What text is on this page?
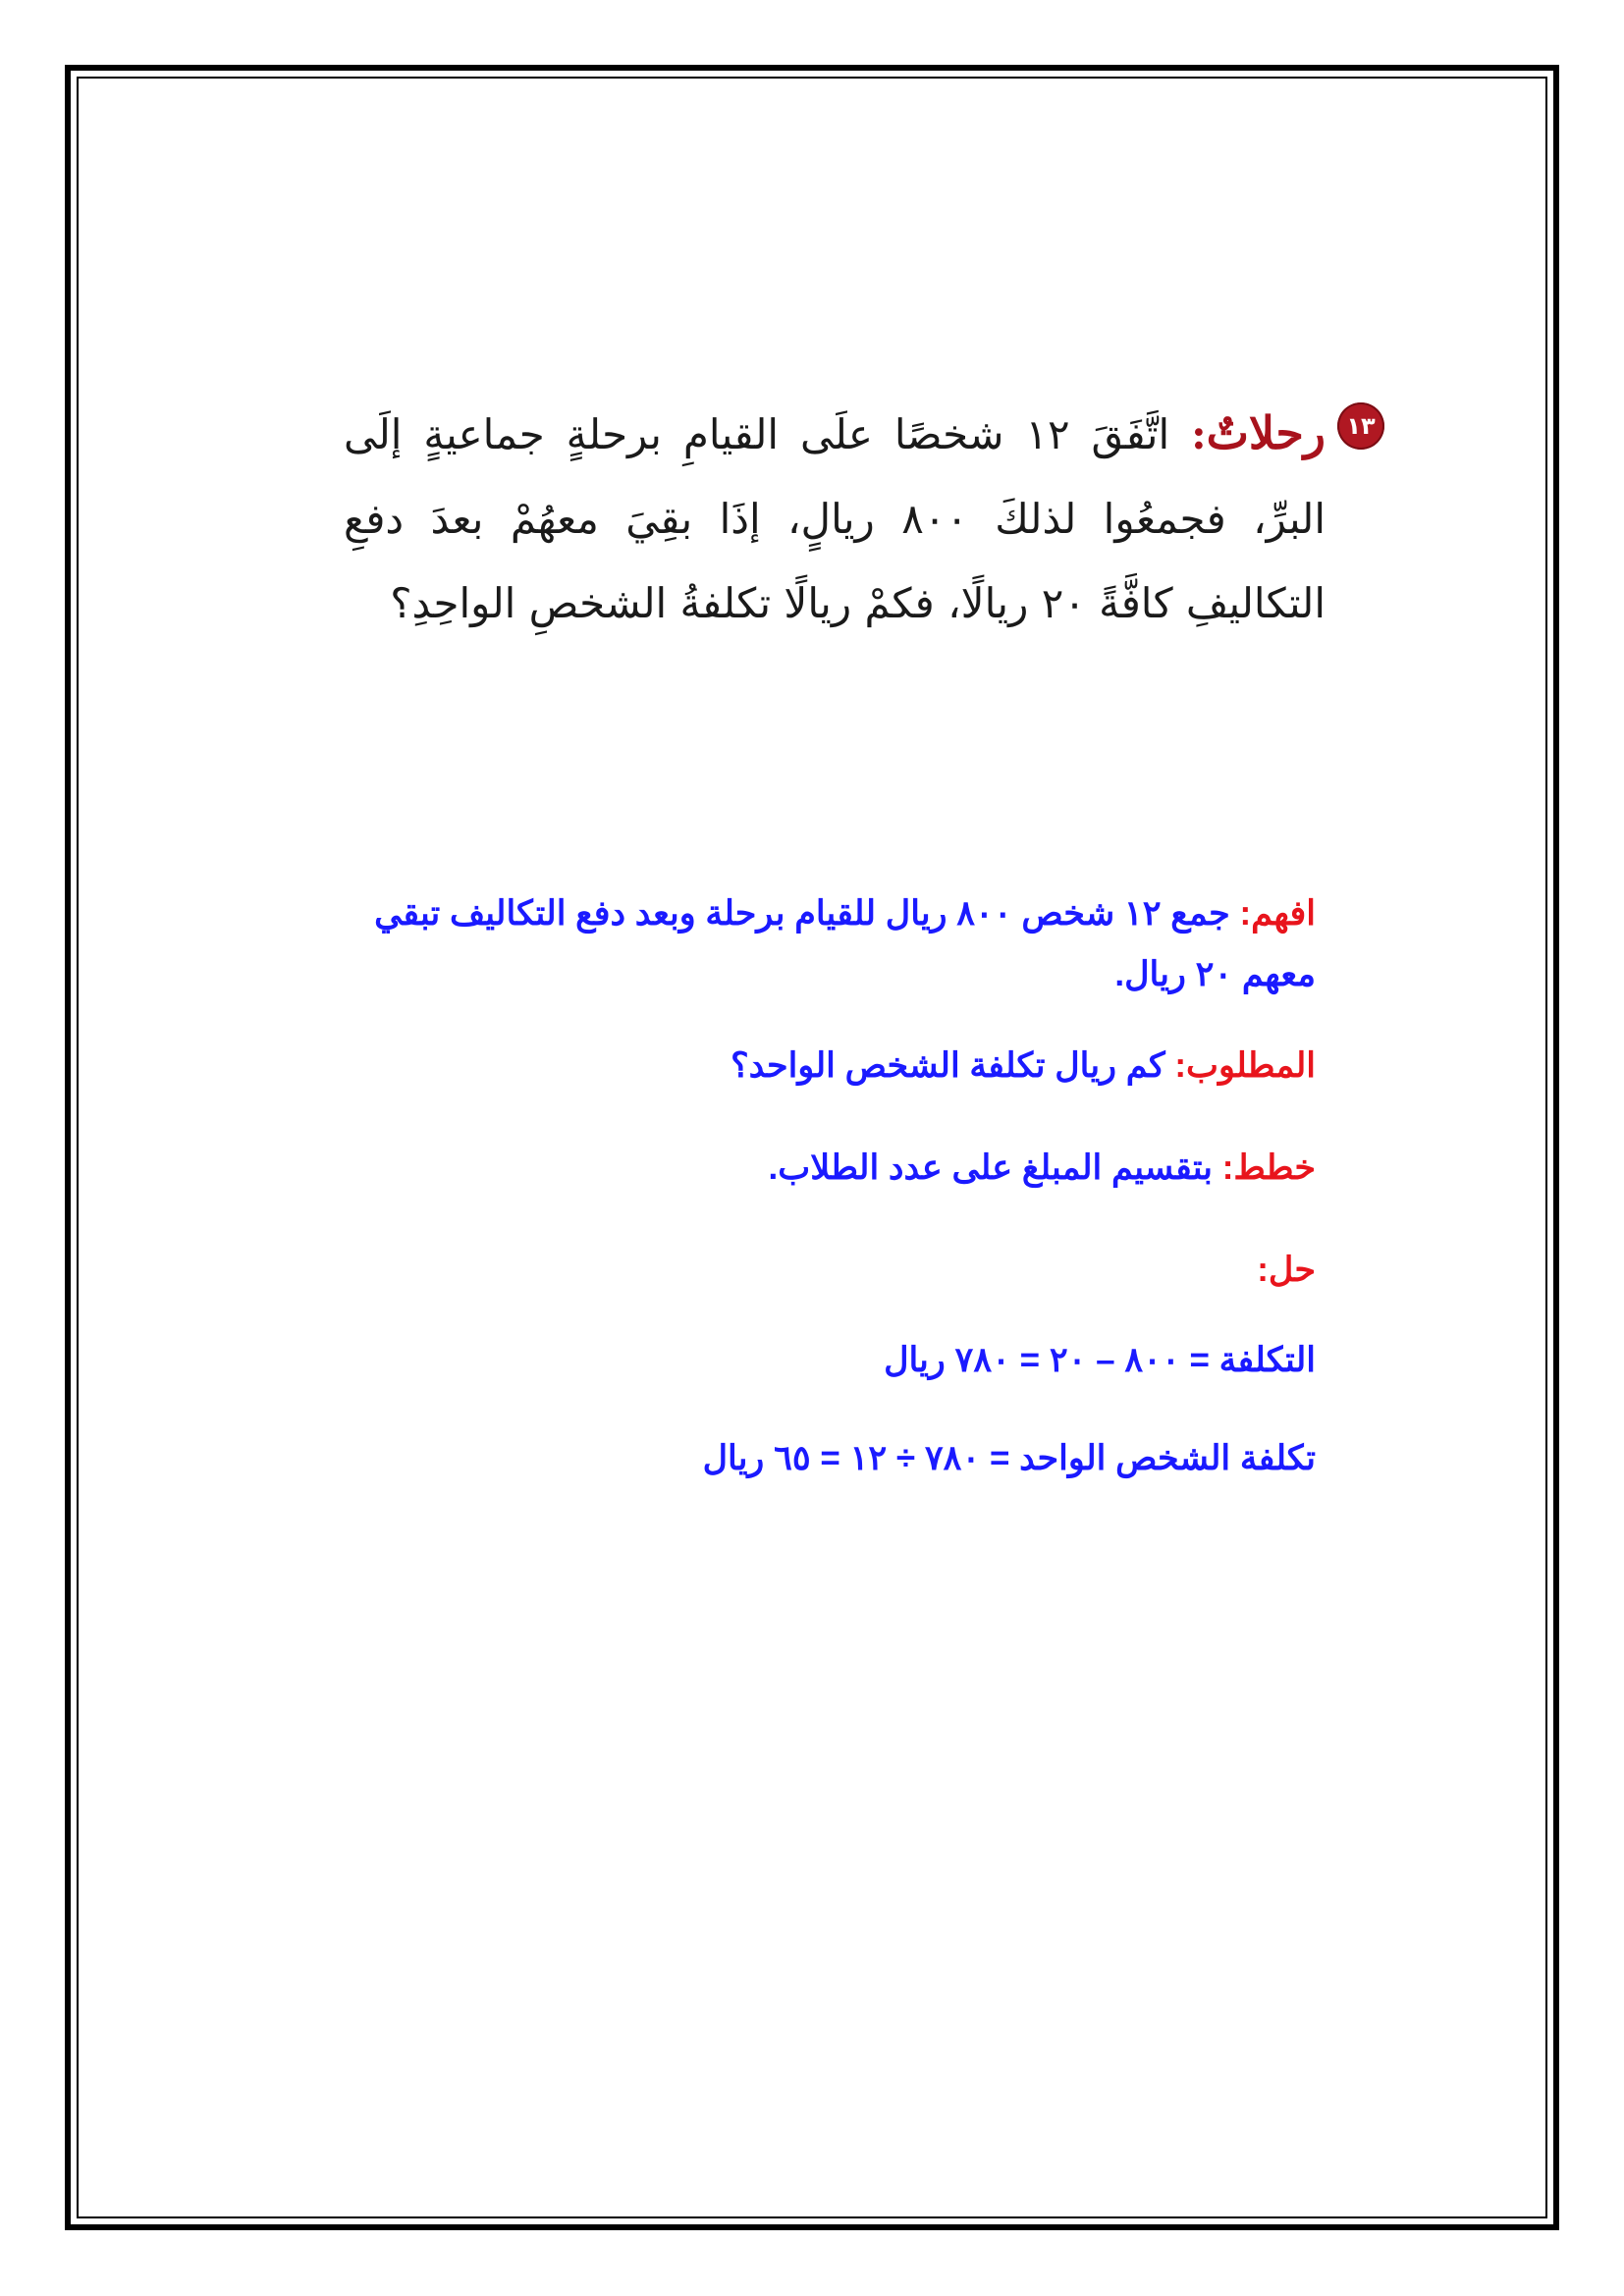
١٣
رحلاتٌ: اتَّفَقَ ١٢ شخصًا علَى القيامِ برحلةٍ جماعيةٍ إلَى البرِّ، فجمعُوا لذلكَ ٨٠٠ ريالٍ، إذَا بقِيَ معهُمْ بعدَ دفعِ التكاليفِ كافَّةً ٢٠ ريالًا، فكمْ ريالًا تكلفةُ الشخصِ الواحِدِ؟
افهم: جمع ١٢ شخص ٨٠٠ ريال للقيام برحلة وبعد دفع التكاليف تبقي معهم ٢٠ ريال.
المطلوب: كم ريال تكلفة الشخص الواحد؟
خطط: بتقسيم المبلغ على عدد الطلاب.
حل:
التكلفة = ٨٠٠ – ٢٠ = ٧٨٠ ريال
تكلفة الشخص الواحد = ٧٨٠ ÷ ١٢ = ٦٥ ريال
